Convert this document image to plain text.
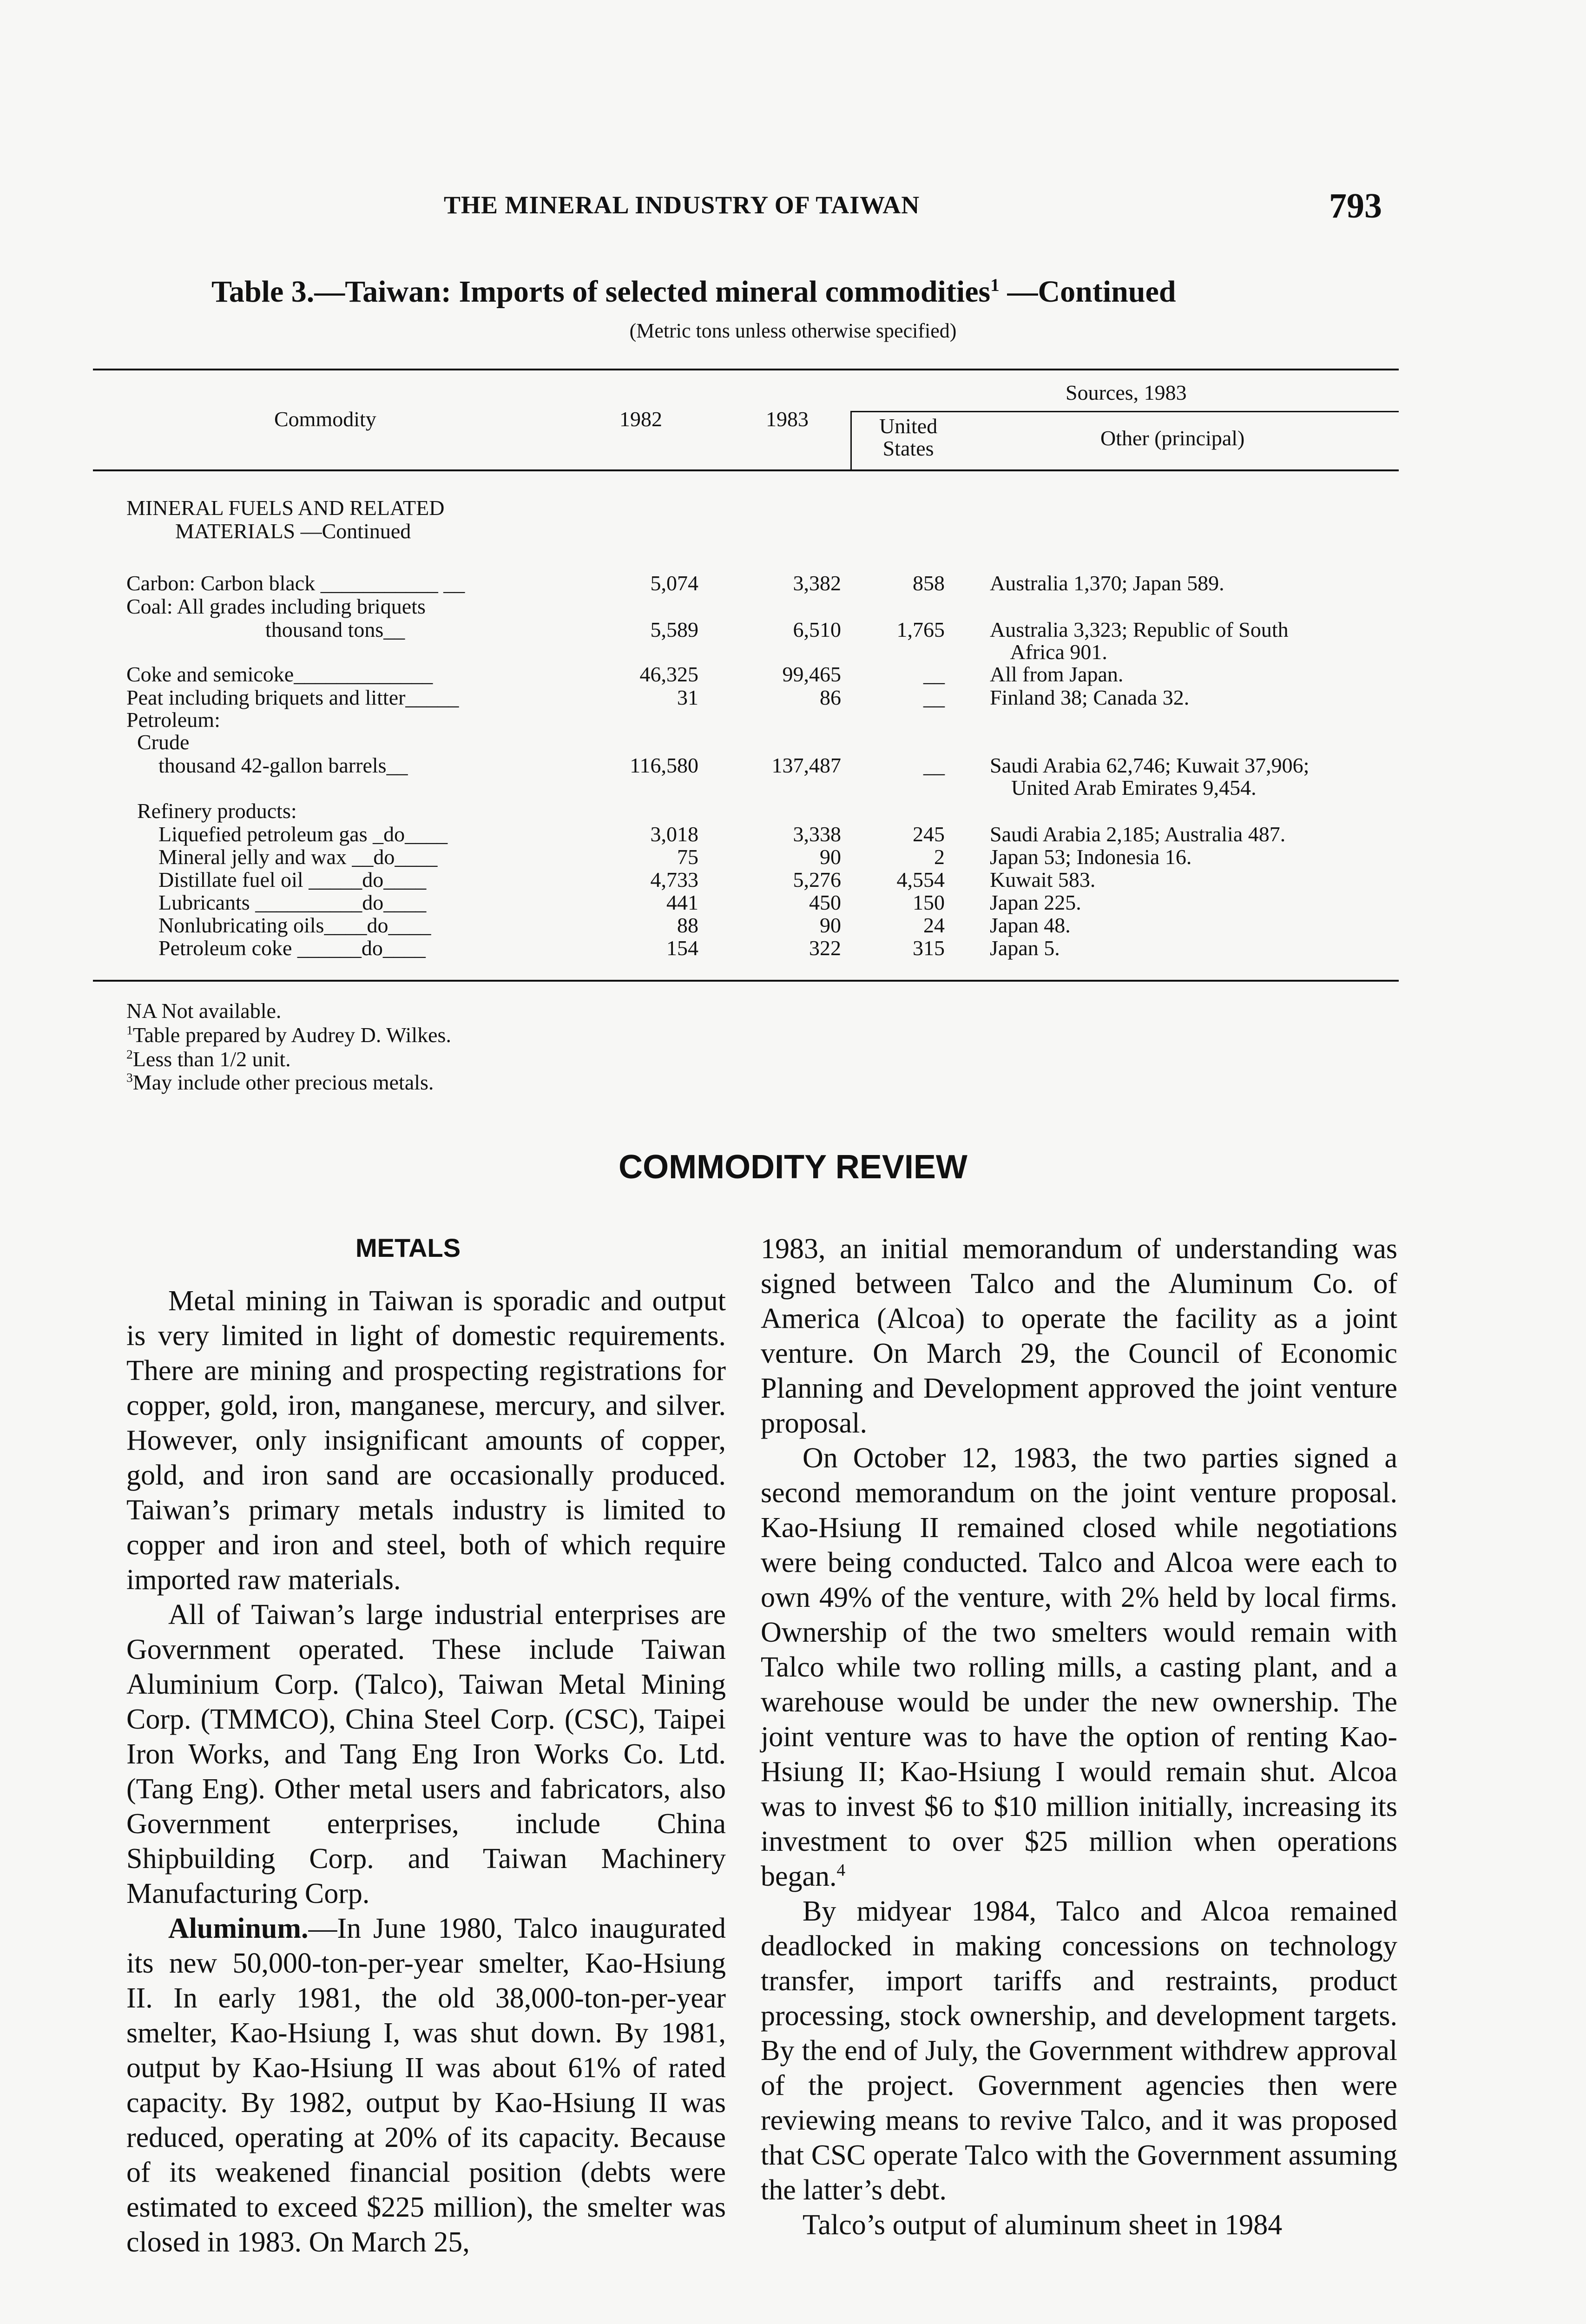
THE MINERAL INDUSTRY OF TAIWAN	793
Table 3.—Taiwan: Imports of selected mineral commodities$^1$ —Continued
(Metric tons unless otherwise specified)
Commodity	1982	1983
Sources, 1983
United
States	Other (principal)
MINERAL FUELS AND RELATED
MATERIALS —Continued
Carbon: Carbon black ___________ __	5,074	3,382	858 Australia 1,370; Japan 589.
Coal: All grades including briquets
thousand tons__	5,589	6,510	1,765 Australia 3,323; Republic of South
Africa 901.
Coke and semicoke_____________	46,325	99,465	__ All from Japan.
Peat including briquets and litter_____	31	86	__ Finland 38; Canada 32.
Petroleum:
Crude
thousand 42-gallon barrels__	116,580	137,487	__ Saudi Arabia 62,746; Kuwait 37,906;
United Arab Emirates 9,454.
Refinery products:
Liquefied petroleum gas _do____	3,018	3,338	245 Saudi Arabia 2,185; Australia 487.
Mineral jelly and wax __do____	75	90	2 Japan 53; Indonesia 16.
Distillate fuel oil _____do____	4,733	5,276	4,554 Kuwait 583.
Lubricants __________do____	441	450	150 Japan 225.
Nonlubricating oils____do____	88	90	24 Japan 48.
Petroleum coke ______do____	154	322	315 Japan 5.
NA Not available.
$^1$Table prepared by Audrey D. Wilkes.
$^2$Less than 1/2 unit.
$^3$May include other precious metals.
COMMODITY REVIEW
METALS

Metal mining in Taiwan is sporadic and output is very limited in light of domestic requirements. There are mining and prospecting registrations for copper, gold, iron, manganese, mercury, and silver. However, only insignificant amounts of copper, gold, and iron sand are occasionally produced. Taiwan’s primary metals industry is limited to copper and iron and steel, both of which require imported raw materials.

All of Taiwan’s large industrial enterprises are Government operated. These include Taiwan Aluminium Corp. (Talco), Taiwan Metal Mining Corp. (TMMCO), China Steel Corp. (CSC), Taipei Iron Works, and Tang Eng Iron Works Co. Ltd. (Tang Eng). Other metal users and fabricators, also Government enterprises, include China Shipbuilding Corp. and Taiwan Machinery Manufacturing Corp.

Aluminum.—In June 1980, Talco inaugurated its new 50,000-ton-per-year smelter, Kao-Hsiung II. In early 1981, the old 38,000-ton-per-year smelter, Kao-Hsiung I, was shut down. By 1981, output by Kao-Hsiung II was about 61% of rated capacity. By 1982, output by Kao-Hsiung II was reduced, operating at 20% of its capacity. Because of its weakened financial position (debts were estimated to exceed $225 million), the smelter was closed in 1983. On March 25,

1983, an initial memorandum of understanding was signed between Talco and the Aluminum Co. of America (Alcoa) to operate the facility as a joint venture. On March 29, the Council of Economic Planning and Development approved the joint venture proposal.

On October 12, 1983, the two parties signed a second memorandum on the joint venture proposal. Kao-Hsiung II remained closed while negotiations were being conducted. Talco and Alcoa were each to own 49% of the venture, with 2% held by local firms. Ownership of the two smelters would remain with Talco while two rolling mills, a casting plant, and a warehouse would be under the new ownership. The joint venture was to have the option of renting Kao-Hsiung II; Kao-Hsiung I would remain shut. Alcoa was to invest $6 to $10 million initially, increasing its investment to over $25 million when operations began.$^4$

By midyear 1984, Talco and Alcoa remained deadlocked in making concessions on technology transfer, import tariffs and restraints, product processing, stock ownership, and development targets. By the end of July, the Government withdrew approval of the project. Government agencies then were reviewing means to revive Talco, and it was proposed that CSC operate Talco with the Government assuming the latter’s debt.

Talco’s output of aluminum sheet in 1984
